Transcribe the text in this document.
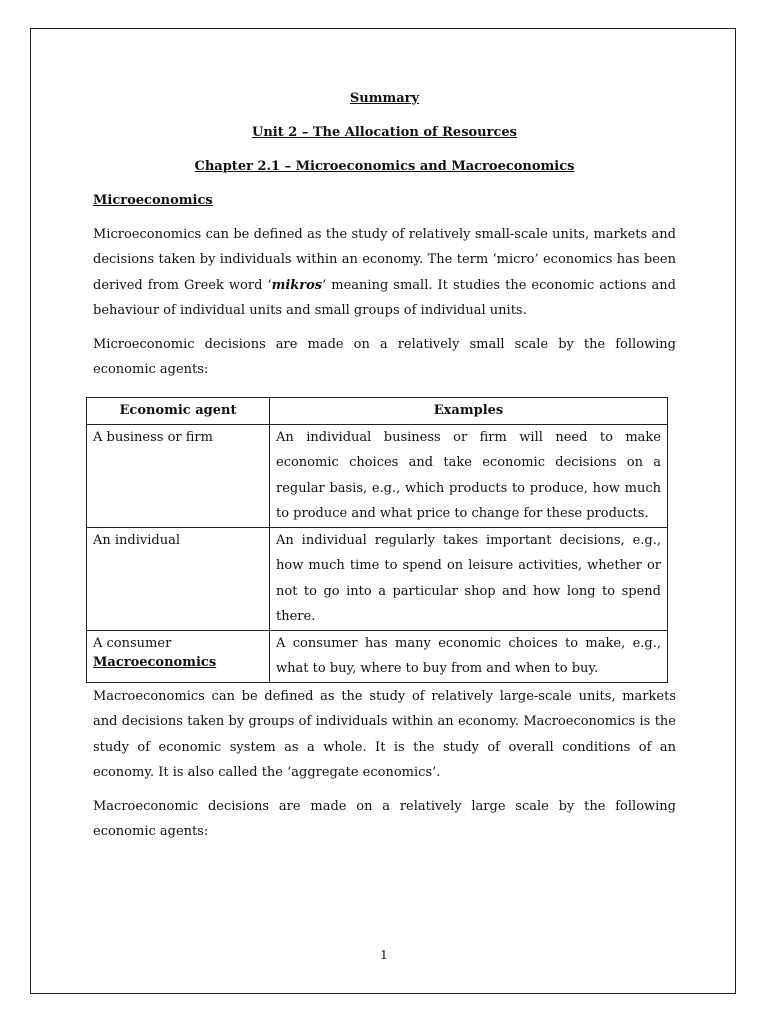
Summary

Unit 2 – The Allocation of Resources

Chapter 2.1 – Microeconomics and Macroeconomics

Microeconomics

Microeconomics can be defined as the study of relatively small-scale units, markets and decisions taken by individuals within an economy. The term ‘micro’ economics has been derived from Greek word ‘mikros’ meaning small. It studies the economic actions and behaviour of individual units and small groups of individual units.

Microeconomic decisions are made on a relatively small scale by the following economic agents:

Economic agent	Examples
A business or firm	An individual business or firm will need to make economic choices and take economic decisions on a regular basis, e.g., which products to produce, how much to produce and what price to change for these products.
An individual	An individual regularly takes important decisions, e.g., how much time to spend on leisure activities, whether or not to go into a particular shop and how long to spend there.
A consumer	A consumer has many economic choices to make, e.g., what to buy, where to buy from and when to buy.

Macroeconomics

Macroeconomics can be defined as the study of relatively large-scale units, markets and decisions taken by groups of individuals within an economy. Macroeconomics is the study of economic system as a whole. It is the study of overall conditions of an economy. It is also called the ‘aggregate economics’.

Macroeconomic decisions are made on a relatively large scale by the following economic agents:

1
